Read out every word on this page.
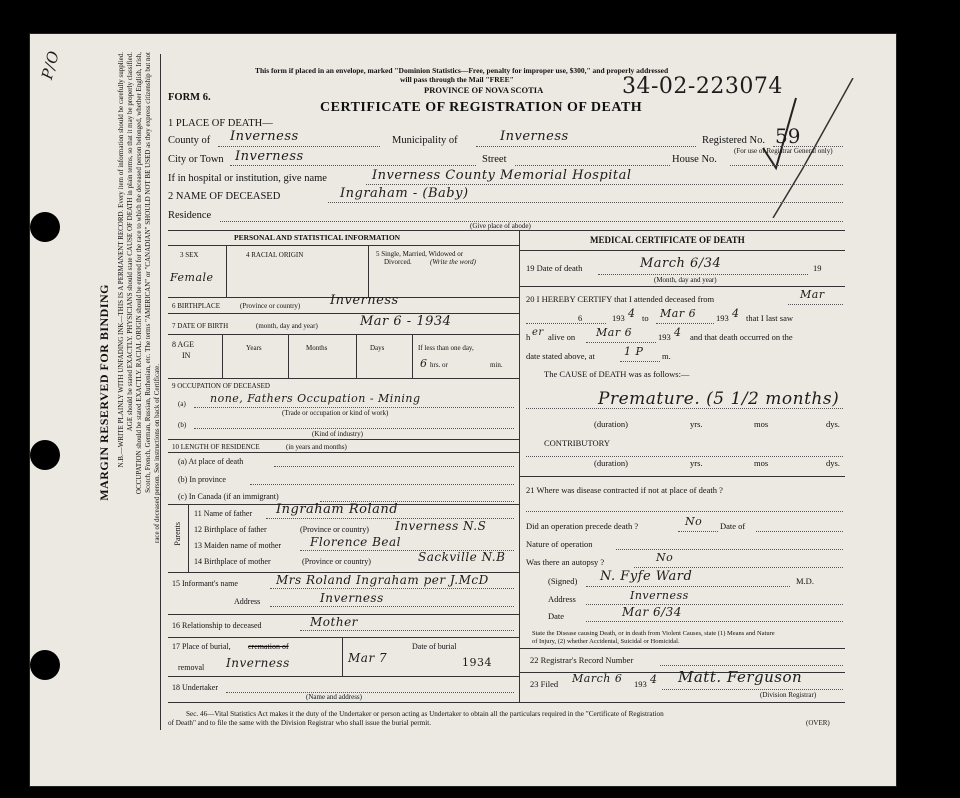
P/O
MARGIN RESERVED FOR BINDING N.B.—WRITE PLAINLY WITH UNFADING INK—THIS IS A PERMANENT RECORD. Every item of information should be carefully supplied. AGE should be stated EXACTLY. PHYSICIANS should state CAUSE OF DEATH in plain terms, so that it may be properly classified. OCCUPATION should be stated EXACTLY. RACIAL ORIGIN should be entered for the race to which the deceased person belonged, whether English, Irish, Scotch, French, German, Russian, Ruthenian, etc. The terms "AMERICAN" or "CANADIAN" SHOULD NOT BE USED as they express citizenship but not race of deceased person. See instructions on back of Certificate.
This form if placed in an envelope, marked "Dominion Statistics—Free, penalty for improper use, $300," and properly addressed
will pass through the Mail "FREE"
FORM 6.
PROVINCE OF NOVA SCOTIA
CERTIFICATE OF REGISTRATION OF DEATH
34-02-223074
1 PLACE OF DEATH—
County of Inverness	Municipality of	Inverness	Registered No. 59
(For use of Registrar General only)
City or Town Inverness	Street	House No.
If in hospital or institution, give name	Inverness County Memorial Hospital
2 NAME OF DECEASED	Ingraham - (Baby)
Residence
(Give place of abode)
PERSONAL AND STATISTICAL INFORMATION
3 SEX	4 RACIAL ORIGIN	5 Single, Married, Widowed or
Divorced.	(Write the word)
Female
6 BIRTHPLACE	(Province or country) Inverness
7 DATE OF BIRTH	(month, day and year)	Mar 6 - 1934
8 AGE
IN
Years	Months	Days	If less than one day,
6 hrs. or	min.
9 OCCUPATION OF DECEASED
(a) none, Fathers Occupation - Mining
(Trade or occupation or kind of work)
(b)
(Kind of industry)
10 LENGTH OF RESIDENCE	(in years and months)
(a) At place of death
(b) In province
(c) In Canada (if an immigrant)
Parents
11 Name of father Ingraham Roland
12 Birthplace of father	(Province or country) Inverness N.S
13 Maiden name of mother Florence Beal
14 Birthplace of mother	(Province or country)	Sackville N.B
15 Informant's name	Mrs Roland Ingraham per J.McD
Address	Inverness
16 Relationship to deceased	Mother
17 Place of burial, cremation of	Date of burial
removal Inverness	Mar 7	1934
18 Undertaker
(Name and address)
MEDICAL CERTIFICATE OF DEATH
19 Date of death	March 6/34	19
(Month, day and year)
20 I HEREBY CERTIFY that I attended deceased from	Mar
6	193 4 to Mar 6 193 4 that I last saw
h er alive on Mar 6	193 4 and that death occurred on the
date stated above, at	1 P m.
The CAUSE of DEATH was as follows:—
Premature. (5 1/2 months)
(duration)	yrs.	mos	dys.
CONTRIBUTORY
(duration)	yrs.	mos	dys.
21 Where was disease contracted if not at place of death ?
Did an operation precede death ?	No Date of
Nature of operation
Was there an autopsy ?	No
(Signed) N. Fyfe Ward	M.D.
Address	Inverness
Date	Mar 6/34
State the Disease causing Death, or in death from Violent Causes, state (1) Means and Nature
of Injury, (2) whether Accidental, Suicidal or Homicidal.
22 Registrar's Record Number
23 Filed March 6 193 4 Matt. Ferguson
(Division Registrar)
Sec. 46—Vital Statistics Act makes it the duty of the Undertaker or person acting as Undertaker to obtain all the particulars required in the "Certificate of Registration
of Death" and to file the same with the Division Registrar who shall issue the burial permit.	(OVER)
